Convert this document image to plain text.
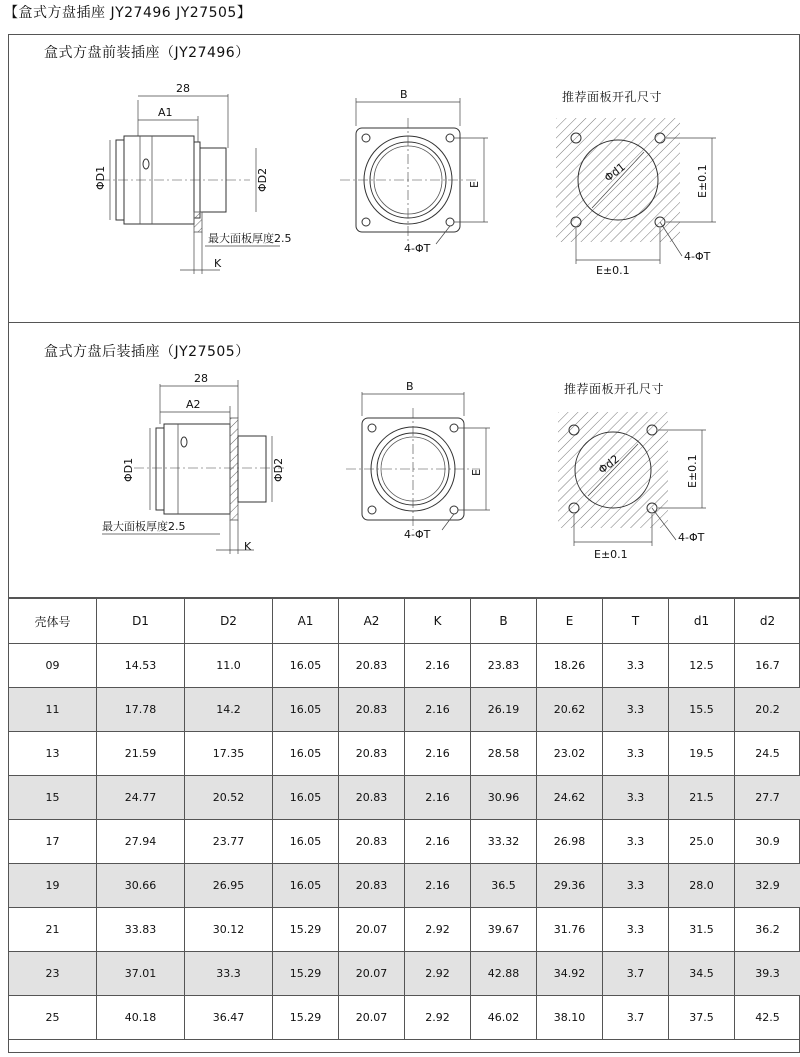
【盒式方盘插座 JY27496 JY27505】
盒式方盘前装插座（JY27496）
28
A1
ΦD1	ΦD2
最大面板厚度2.5
K
B
E
4-ΦT
推荐面板开孔尺寸
Φd1
E±0.1
E±0.1
4-ΦT
盒式方盘后装插座（JY27505）
28
A2
ΦD1	ΦD2
最大面板厚度2.5
K
B
E
4-ΦT
推荐面板开孔尺寸
Φd2
E±0.1
E±0.1
4-ΦT
壳体号	D1	D2	A1	A2	K	B	E	T	d1	d2
09	14.53	11.0	16.05	20.83	2.16	23.83	18.26	3.3	12.5	16.7
11	17.78	14.2	16.05	20.83	2.16	26.19	20.62	3.3	15.5	20.2
13	21.59	17.35	16.05	20.83	2.16	28.58	23.02	3.3	19.5	24.5
15	24.77	20.52	16.05	20.83	2.16	30.96	24.62	3.3	21.5	27.7
17	27.94	23.77	16.05	20.83	2.16	33.32	26.98	3.3	25.0	30.9
19	30.66	26.95	16.05	20.83	2.16	36.5	29.36	3.3	28.0	32.9
21	33.83	30.12	15.29	20.07	2.92	39.67	31.76	3.3	31.5	36.2
23	37.01	33.3	15.29	20.07	2.92	42.88	34.92	3.7	34.5	39.3
25	40.18	36.47	15.29	20.07	2.92	46.02	38.10	3.7	37.5	42.5
